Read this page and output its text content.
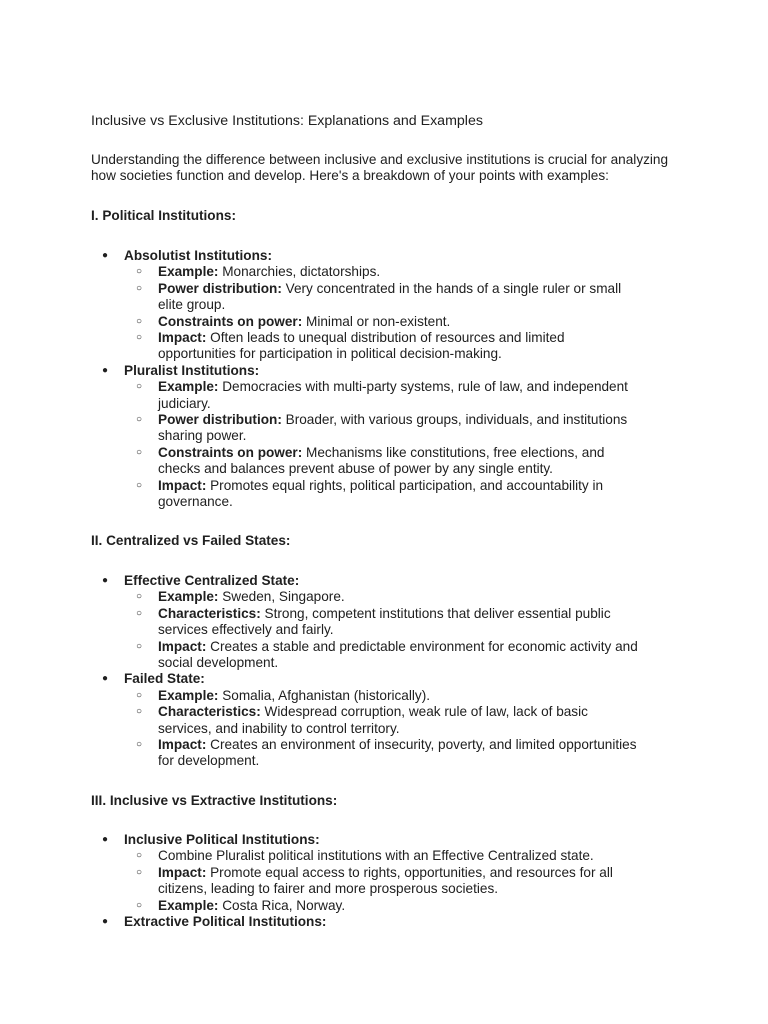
Inclusive vs Exclusive Institutions: Explanations and Examples

Understanding the difference between inclusive and exclusive institutions is crucial for analyzing how societies function and develop. Here's a breakdown of your points with examples:

I. Political Institutions:
● Absolutist Institutions:
○ Example: Monarchies, dictatorships.
○ Power distribution: Very concentrated in the hands of a single ruler or small elite group.
○ Constraints on power: Minimal or non-existent.
○ Impact: Often leads to unequal distribution of resources and limited opportunities for participation in political decision-making.
● Pluralist Institutions:
○ Example: Democracies with multi-party systems, rule of law, and independent judiciary.
○ Power distribution: Broader, with various groups, individuals, and institutions sharing power.
○ Constraints on power: Mechanisms like constitutions, free elections, and checks and balances prevent abuse of power by any single entity.
○ Impact: Promotes equal rights, political participation, and accountability in governance.
II. Centralized vs Failed States:
● Effective Centralized State:
○ Example: Sweden, Singapore.
○ Characteristics: Strong, competent institutions that deliver essential public services effectively and fairly.
○ Impact: Creates a stable and predictable environment for economic activity and social development.
● Failed State:
○ Example: Somalia, Afghanistan (historically).
○ Characteristics: Widespread corruption, weak rule of law, lack of basic services, and inability to control territory.
○ Impact: Creates an environment of insecurity, poverty, and limited opportunities for development.
III. Inclusive vs Extractive Institutions:
● Inclusive Political Institutions:
○ Combine Pluralist political institutions with an Effective Centralized state.
○ Impact: Promote equal access to rights, opportunities, and resources for all citizens, leading to fairer and more prosperous societies.
○ Example: Costa Rica, Norway.
● Extractive Political Institutions:
